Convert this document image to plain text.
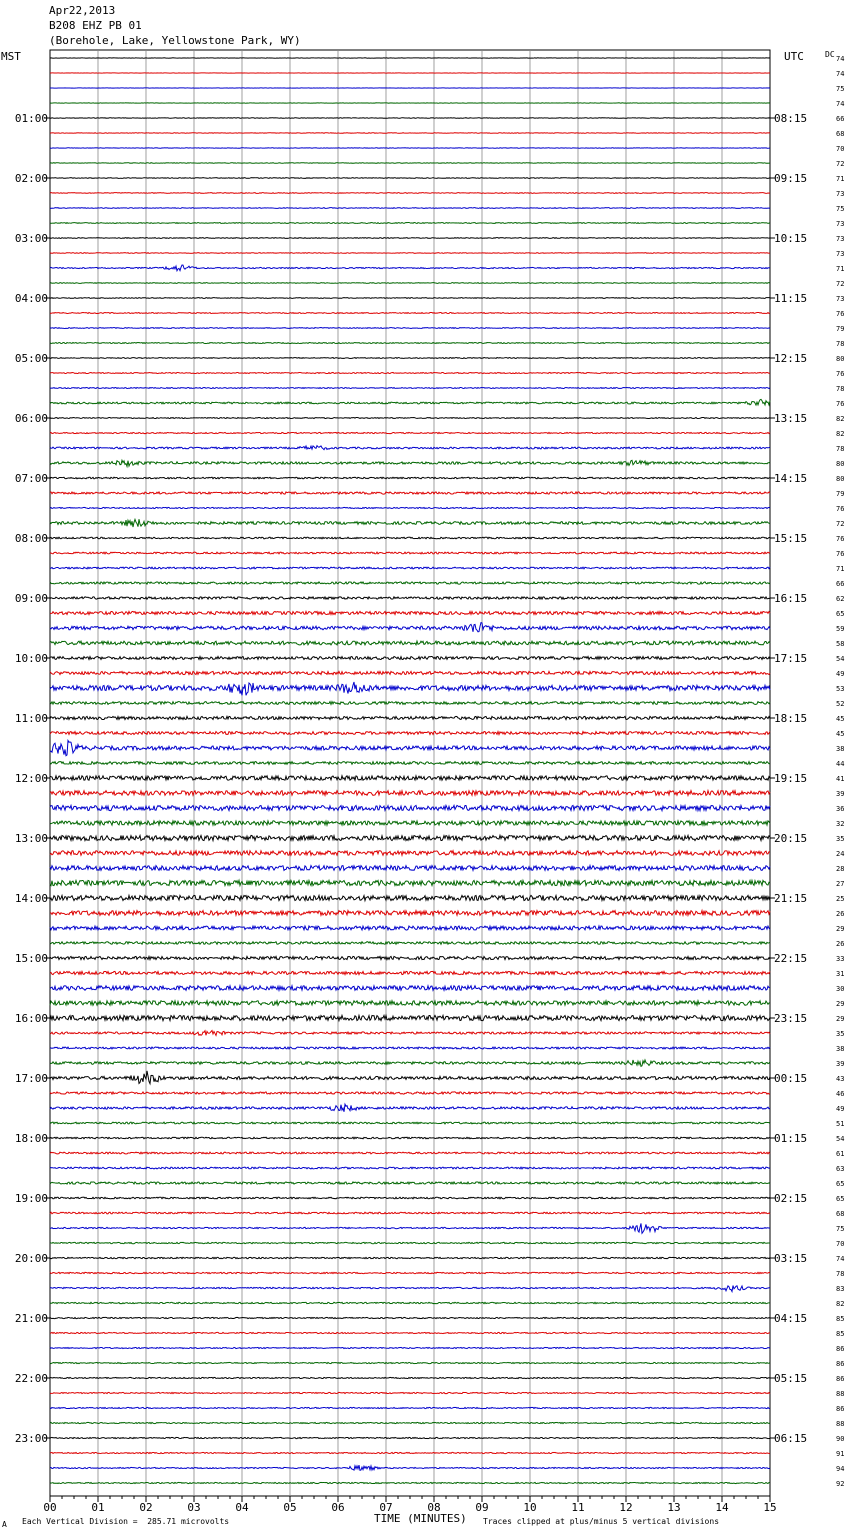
74
74
75
74
66
68
70
72
71
73
75
73
73
73
71
72
73
76
79
78
80
76
78
76
82
82
78
80
80
79
76
72
76
76
71
66
62
65
59
58
54
49
53
52
45
45
38
44
41
39
36
32
35
24
28
27
25
26
29
26
33
31
30
29
29
35
38
39
43
46
49
51
54
61
63
65
65
68
75
70
74
78
83
82
85
85
86
86
86
88
86
88
90
91
94
92
01:00
02:00
03:00
04:00
05:00
06:00
07:00
08:00
09:00
10:00
11:00
12:00
13:00
14:00
15:00
16:00
17:00
18:00
19:00
20:00
21:00
22:00
23:00
08:15
09:15
10:15
11:15
12:15
13:15
14:15
15:15
16:15
17:15
18:15
19:15
20:15
21:15
22:15
23:15
00:15
01:15
02:15
03:15
04:15
05:15
06:15
00	01	02	03	04	05	06	07	08	09	10	11	12	13	14	15
Apr22,2013
B208 EHZ PB 01
(Borehole, Lake, Yellowstone Park, WY)
MST	UTC	DC
A Each Vertical Division =  285.71 microvolts	TIME (MINUTES) Traces clipped at plus/minus 5 vertical divisions
